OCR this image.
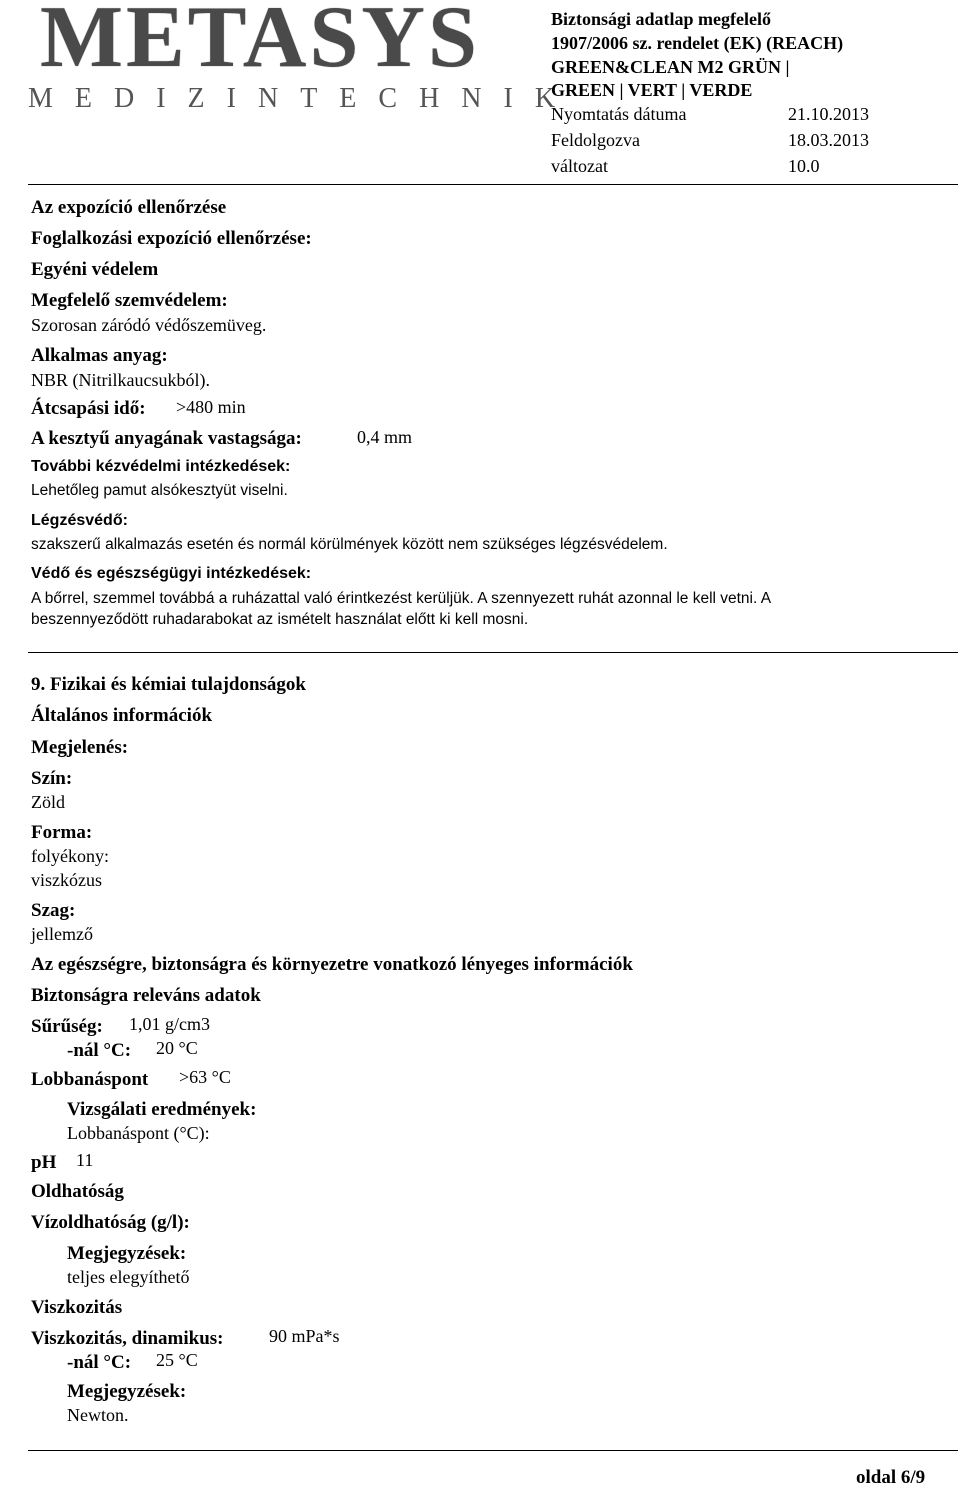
METASYS
MEDIZINTECHNIK
Biztonsági adatlap megfelelő
1907/2006 sz. rendelet (EK) (REACH)
GREEN&CLEAN M2 GRÜN |
GREEN | VERT | VERDE
Nyomtatás dátuma	21.10.2013
Feldolgozva	18.03.2013
változat	10.0
Az expozíció ellenőrzése
Foglalkozási expozíció ellenőrzése:
Egyéni védelem
Megfelelő szemvédelem:
Szorosan záródó védőszemüveg.
Alkalmas anyag:
NBR (Nitrilkaucsukból).
Átcsapási idő: >480 min
A kesztyű anyagának vastagsága:	0,4 mm
További kézvédelmi intézkedések:
Lehetőleg pamut alsókesztyüt viselni.
Légzésvédő:
szakszerű alkalmazás esetén és normál körülmények között nem szükséges légzésvédelem.
Védő és egészségügyi intézkedések:
A bőrrel, szemmel továbbá a ruházattal való érintkezést kerüljük. A szennyezett ruhát azonnal le kell vetni. A
beszennyeződött ruhadarabokat az ismételt használat előtt ki kell mosni.
9. Fizikai és kémiai tulajdonságok
Általános információk
Megjelenés:
Szín:
Zöld
Forma:
folyékony:
viszkózus
Szag:
jellemző
Az egészségre, biztonságra és környezetre vonatkozó lényeges információk
Biztonságra releváns adatok
Sűrűség: 1,01 g/cm3
-nál °C: 20 °C
Lobbanáspont >63 °C
Vizsgálati eredmények:
Lobbanáspont (°C):
pH 11
Oldhatóság
Vízoldhatóság (g/l):
Megjegyzések:
teljes elegyíthető
Viszkozitás
Viszkozitás, dinamikus:	90 mPa*s
-nál °C: 25 °C
Megjegyzések:
Newton.
oldal 6/9
